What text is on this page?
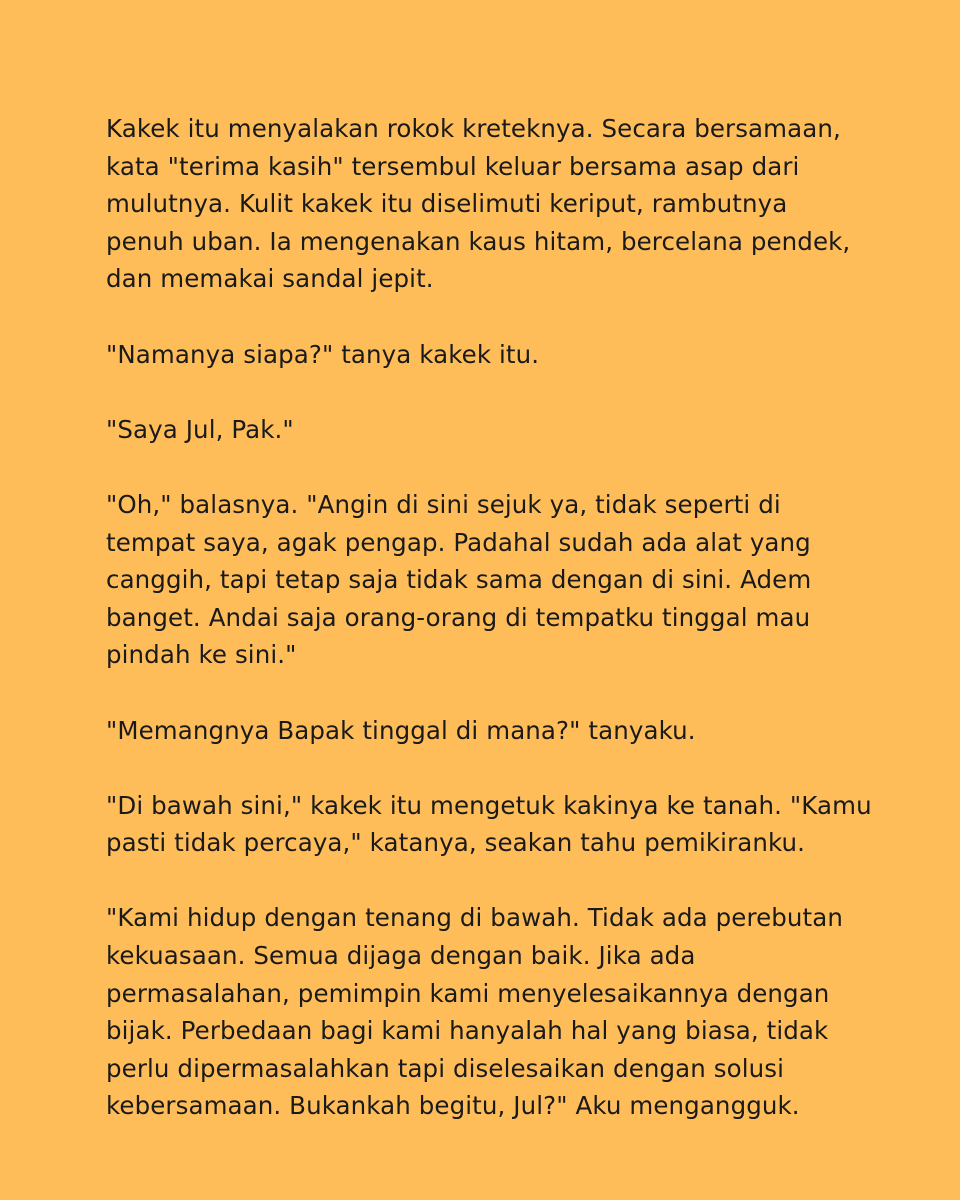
Kakek itu menyalakan rokok kreteknya. Secara bersamaan,
kata "terima kasih" tersembul keluar bersama asap dari
mulutnya. Kulit kakek itu diselimuti keriput, rambutnya
penuh uban. Ia mengenakan kaus hitam, bercelana pendek,
dan memakai sandal jepit.

"Namanya siapa?" tanya kakek itu.

"Saya Jul, Pak."

"Oh," balasnya. "Angin di sini sejuk ya, tidak seperti di
tempat saya, agak pengap. Padahal sudah ada alat yang
canggih, tapi tetap saja tidak sama dengan di sini. Adem
banget. Andai saja orang-orang di tempatku tinggal mau
pindah ke sini."

"Memangnya Bapak tinggal di mana?" tanyaku.

"Di bawah sini," kakek itu mengetuk kakinya ke tanah. "Kamu
pasti tidak percaya," katanya, seakan tahu pemikiranku.

"Kami hidup dengan tenang di bawah. Tidak ada perebutan
kekuasaan. Semua dijaga dengan baik. Jika ada
permasalahan, pemimpin kami menyelesaikannya dengan
bijak. Perbedaan bagi kami hanyalah hal yang biasa, tidak
perlu dipermasalahkan tapi diselesaikan dengan solusi
kebersamaan. Bukankah begitu, Jul?" Aku mengangguk.
